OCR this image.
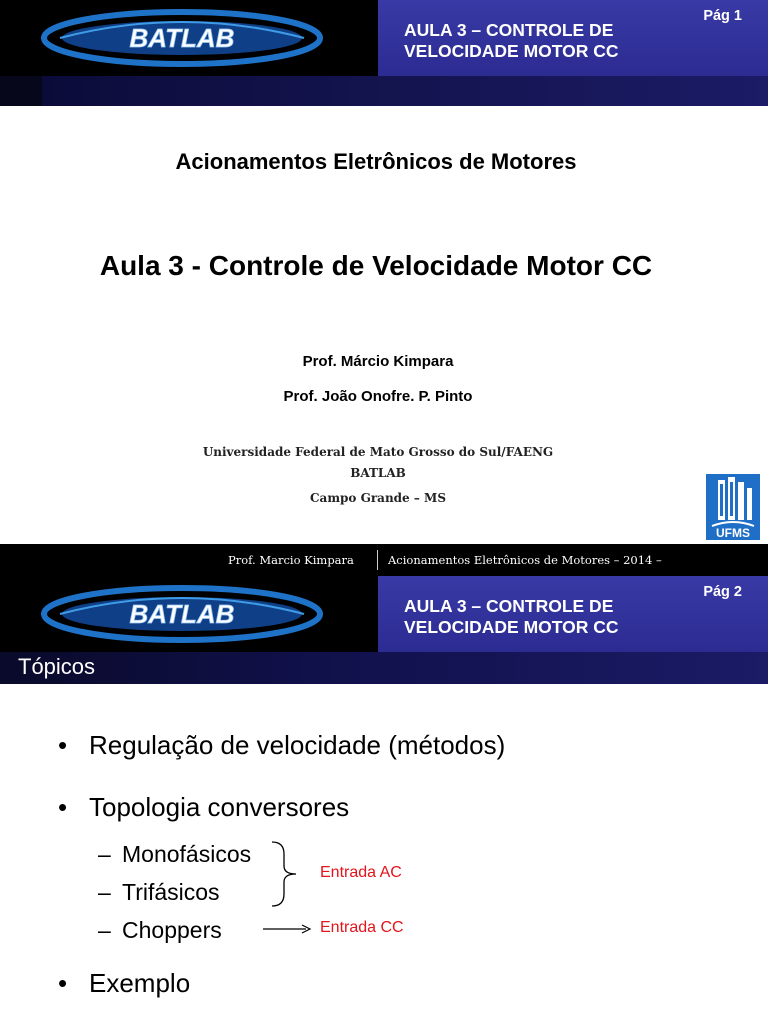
BATLAB	AULA 3 – CONTROLE DE
VELOCIDADE MOTOR CC
Pág 1
Acionamentos Eletrônicos de Motores
Aula 3 - Controle de Velocidade Motor CC
Prof. Márcio Kimpara
Prof. João Onofre. P. Pinto
Universidade Federal de Mato Grosso do Sul/FAENG
BATLAB
Campo Grande – MS
UFMS
Prof. Marcio Kimpara	Acionamentos Eletrônicos de Motores – 2014 –
BATLAB	AULA 3 – CONTROLE DE
VELOCIDADE MOTOR CC
Pág 2
Tópicos
• Regulação de velocidade (métodos)
• Topologia conversores
– Monofásicos
– Trifásicos
– Choppers
Entrada AC
Entrada CC
• Exemplo
